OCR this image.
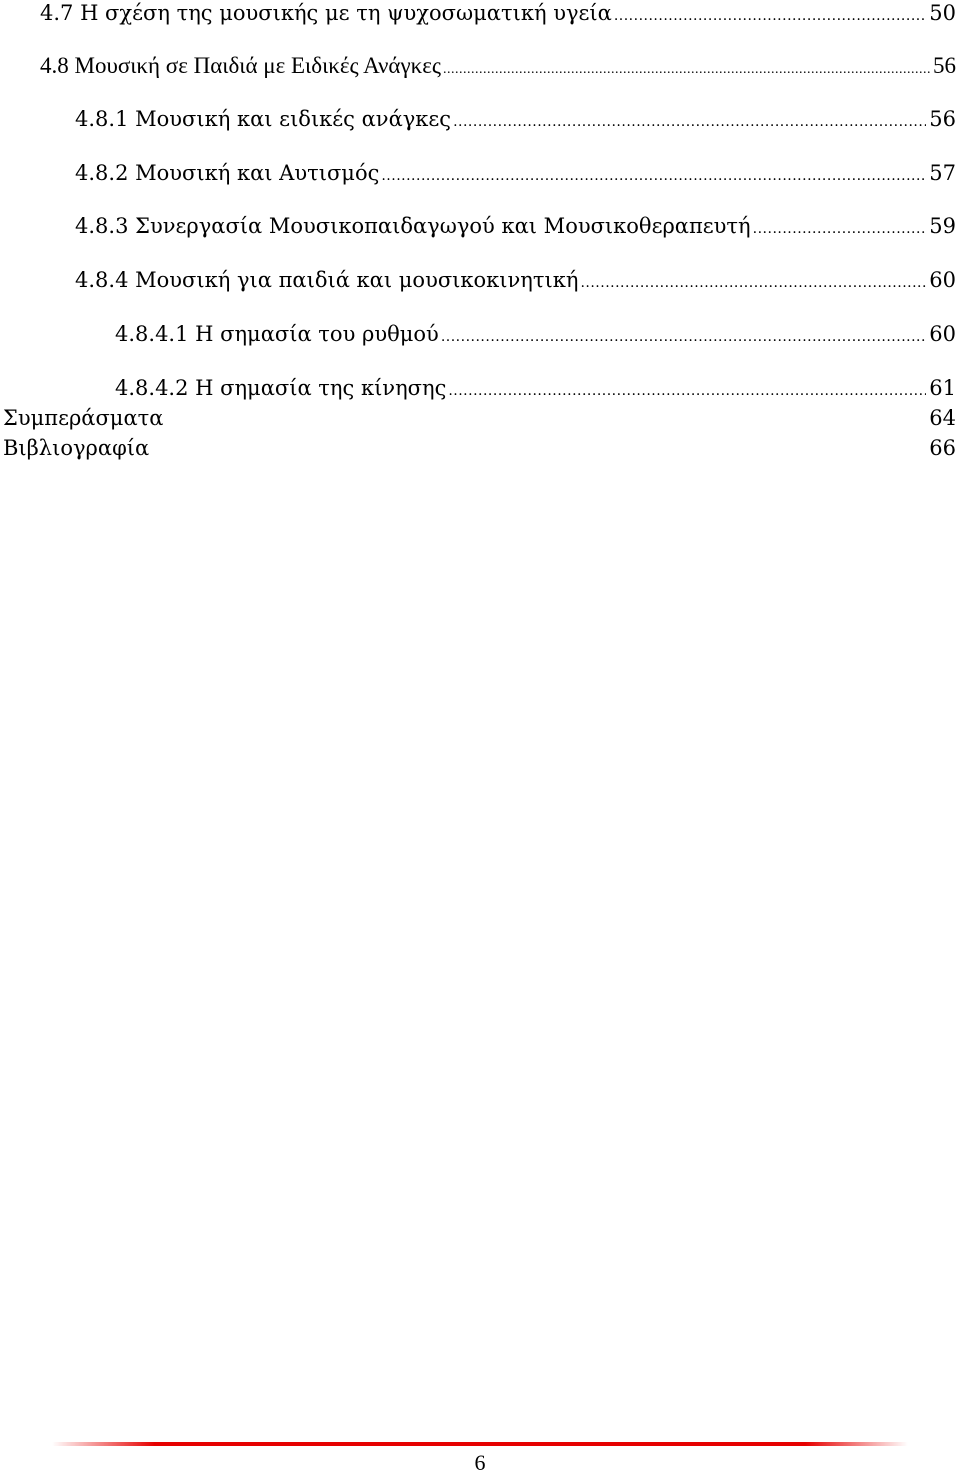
4.7 Η σχέση της μουσικής με τη ψυχοσωματική υγεία .....	50
4.8 Μουσική σε Παιδιά με Ειδικές Ανάγκες .....	56
4.8.1 Μουσική και ειδικές ανάγκες .....	56
4.8.2 Μουσική και Αυτισμός .....	57
4.8.3 Συνεργασία Μουσικοπαιδαγωγού και Μουσικοθεραπευτή .....	59
4.8.4 Μουσική για παιδιά και μουσικοκινητική .....	60
4.8.4.1 Η σημασία του ρυθμού .....	60
4.8.4.2 Η σημασία της κίνησης .....	61
Συμπεράσματα	64
Βιβλιογραφία	66
6
